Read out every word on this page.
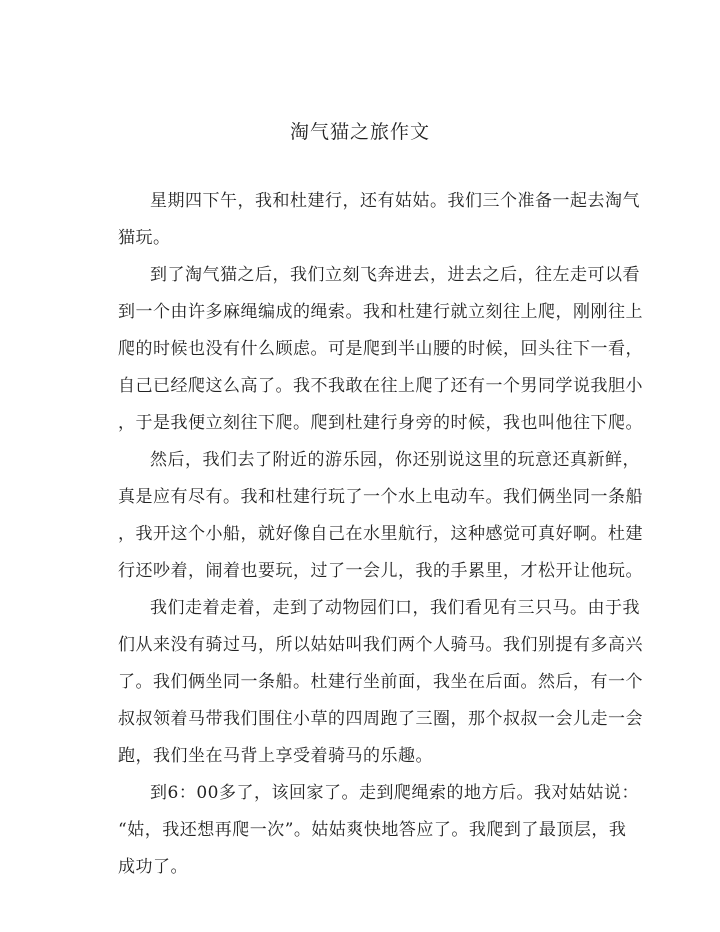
淘气猫之旅作文
星期四下午，我和杜建行，还有姑姑。我们三个准备一起去淘气
猫玩。
到了淘气猫之后，我们立刻飞奔进去，进去之后，往左走可以看
到一个由许多麻绳编成的绳索。我和杜建行就立刻往上爬，刚刚往上
爬的时候也没有什么顾虑。可是爬到半山腰的时候，回头往下一看，
自己已经爬这么高了。我不我敢在往上爬了还有一个男同学说我胆小
，于是我便立刻往下爬。爬到杜建行身旁的时候，我也叫他往下爬。
然后，我们去了附近的游乐园，你还别说这里的玩意还真新鲜，
真是应有尽有。我和杜建行玩了一个水上电动车。我们俩坐同一条船
，我开这个小船，就好像自己在水里航行，这种感觉可真好啊。杜建
行还吵着，闹着也要玩，过了一会儿，我的手累里，才松开让他玩。
我们走着走着，走到了动物园们口，我们看见有三只马。由于我
们从来没有骑过马，所以姑姑叫我们两个人骑马。我们别提有多高兴
了。我们俩坐同一条船。杜建行坐前面，我坐在后面。然后，有一个
叔叔领着马带我们围住小草的四周跑了三圈，那个叔叔一会儿走一会
跑，我们坐在马背上享受着骑马的乐趣。
到6：00多了，该回家了。走到爬绳索的地方后。我对姑姑说：
“姑，我还想再爬一次”。姑姑爽快地答应了。我爬到了最顶层，我
成功了。
